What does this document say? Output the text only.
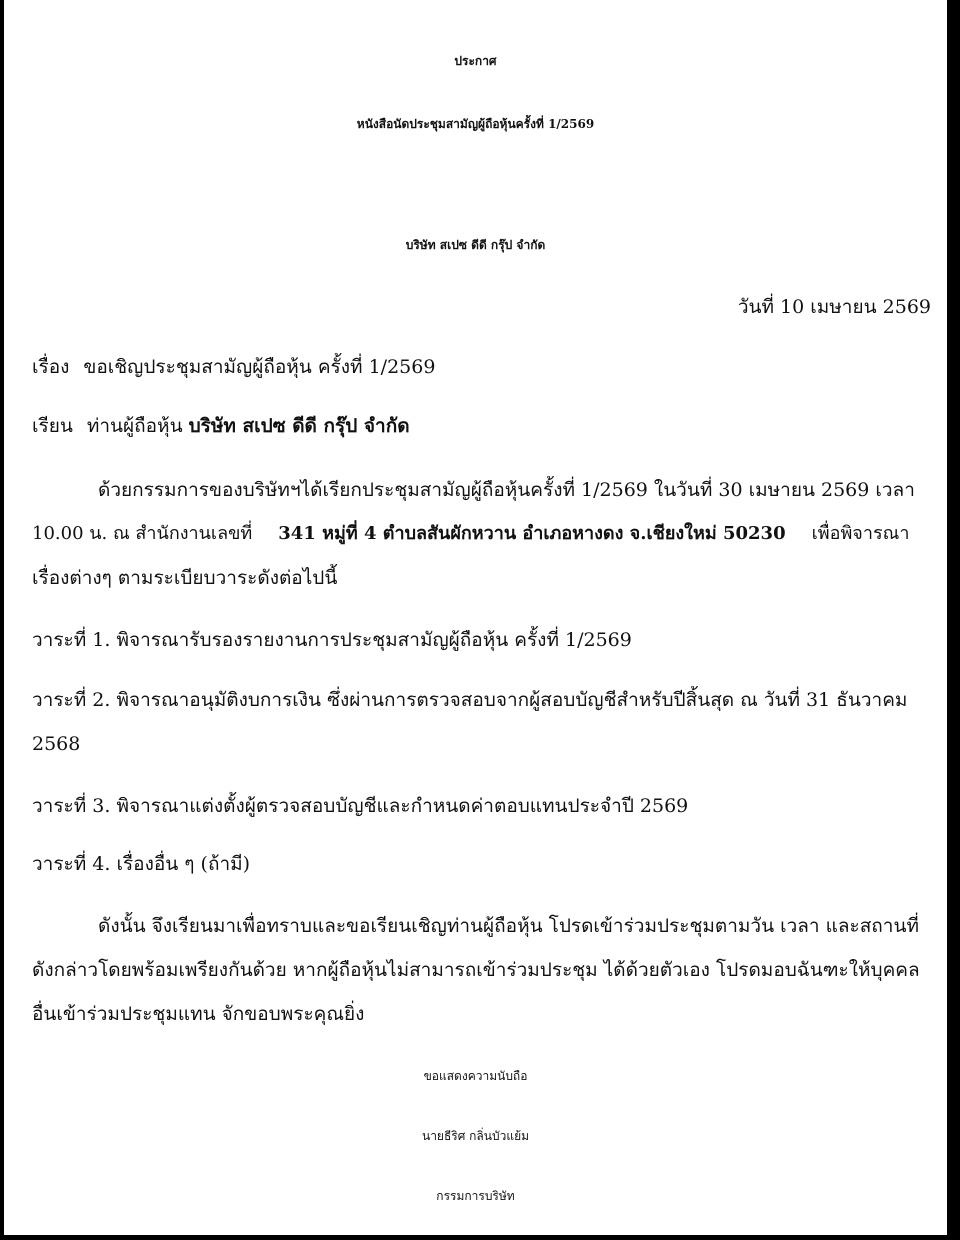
ประกาศ
หนังสือนัดประชุมสามัญผู้ถือหุ้นครั้งที่ 1/2569
บริษัท สเปซ ดีดี กรุ๊ป จำกัด
วันที่ 10 เมษายน 2569
เรื่อง ขอเชิญประชุมสามัญผู้ถือหุ้น ครั้งที่ 1/2569
เรียน ท่านผู้ถือหุ้น บริษัท สเปซ ดีดี กรุ๊ป จำกัด
ด้วยกรรมการของบริษัทฯได้เรียกประชุมสามัญผู้ถือหุ้นครั้งที่ 1/2569 ในวันที่ 30 เมษายน 2569 เวลา
10.00 น. ณ สำนักงานเลขที่ 341 หมู่ที่ 4 ตำบลสันผักหวาน อำเภอหางดง จ.เชียงใหม่ 50230 เพื่อพิจารณา
เรื่องต่างๆ ตามระเบียบวาระดังต่อไปนี้
วาระที่ 1. พิจารณารับรองรายงานการประชุมสามัญผู้ถือหุ้น ครั้งที่ 1/2569
วาระที่ 2. พิจารณาอนุมัติงบการเงิน ซึ่งผ่านการตรวจสอบจากผู้สอบบัญชีสำหรับปีสิ้นสุด ณ วันที่ 31 ธันวาคม
2568
วาระที่ 3. พิจารณาแต่งตั้งผู้ตรวจสอบบัญชีและกำหนดค่าตอบแทนประจำปี 2569
วาระที่ 4. เรื่องอื่น ๆ (ถ้ามี)
ดังนั้น จึงเรียนมาเพื่อทราบและขอเรียนเชิญท่านผู้ถือหุ้น โปรดเข้าร่วมประชุมตามวัน เวลา และสถานที่
ดังกล่าวโดยพร้อมเพรียงกันด้วย หากผู้ถือหุ้นไม่สามารถเข้าร่วมประชุม ได้ด้วยตัวเอง โปรดมอบฉันฑะให้บุคคล
อื่นเข้าร่วมประชุมแทน จักขอบพระคุณยิ่ง
ขอแสดงความนับถือ
นายธีริศ กลิ่นบัวแย้ม
กรรมการบริษัท
